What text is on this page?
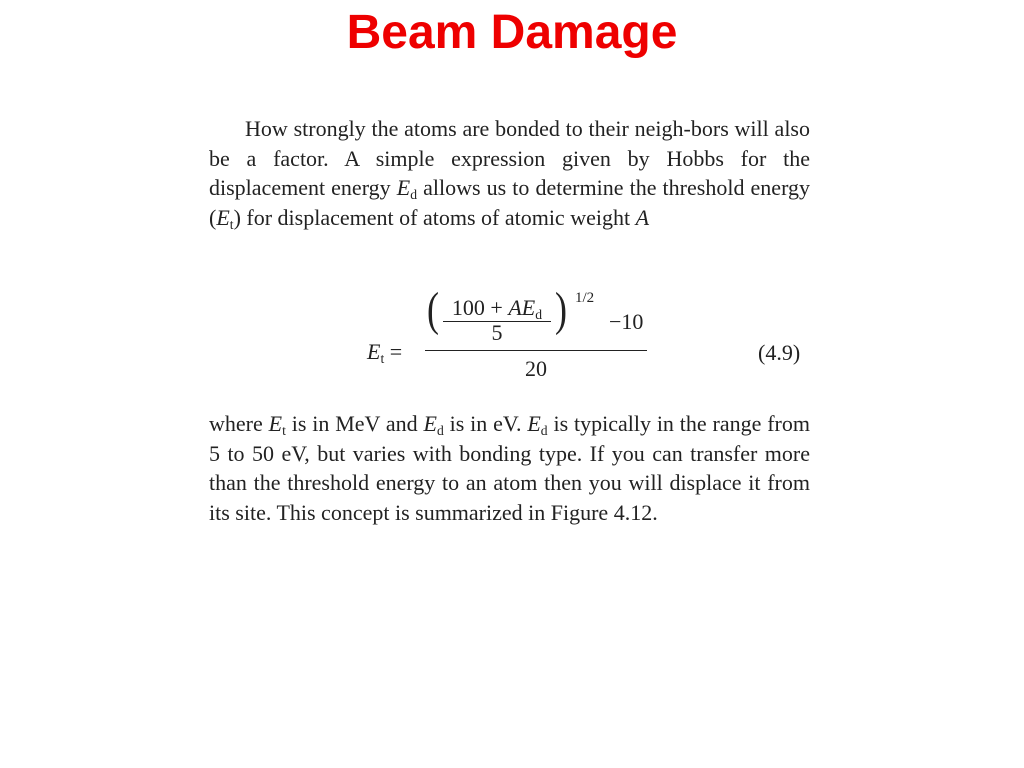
Beam Damage

How strongly the atoms are bonded to their neigh-bors will also be a factor. A simple expression given by Hobbs for the displacement energy $E_d$ allows us to determine the threshold energy $(E_t)$ for displacement of atoms of atomic weight A

$E_t$ =
( $100 + AE_d$
5	) 1/2
−10
20
(4.9)

where $E_t$ is in MeV and $E_d$ is in eV. $E_d$ is typically in the range from 5 to 50 eV, but varies with bonding type. If you can transfer more than the threshold energy to an atom then you will displace it from its site. This concept is summarized in Figure 4.12.
